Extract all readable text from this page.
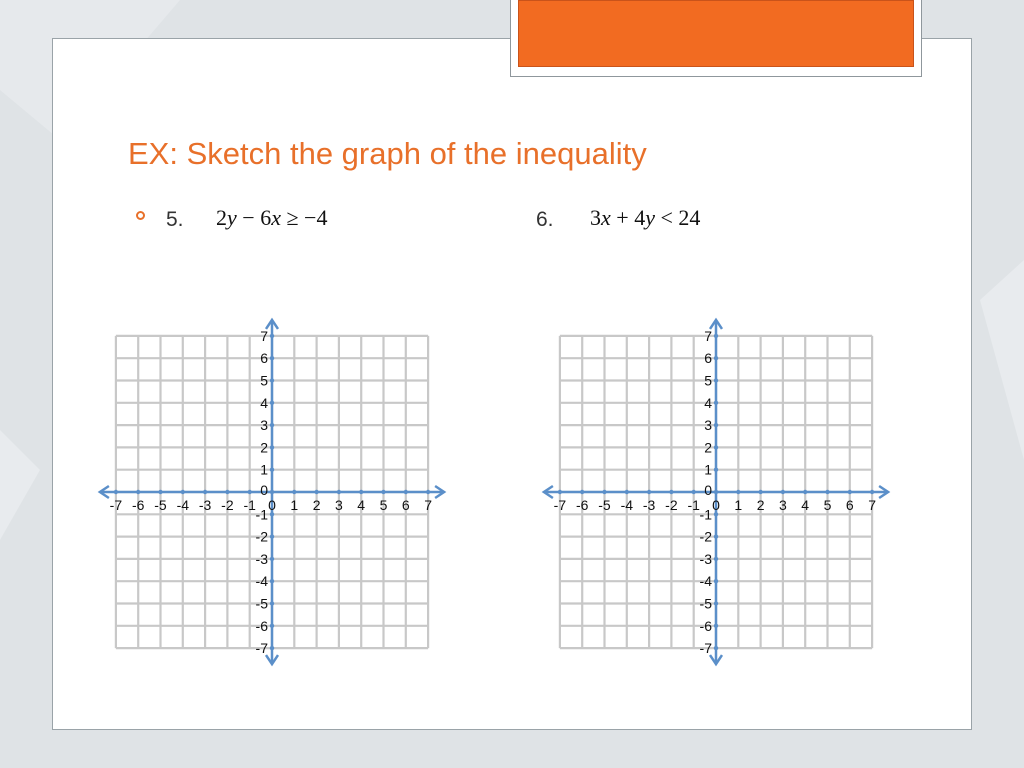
EX: Sketch the graph of the inequality
5. 2y − 6x ≥ −4	6. 3x + 4y < 24
-7 -6 -5 -4 -3 -2 -1 0 1 2 3 4 5 6 7
-7
-6
-5
-4
-3
-2
-1
1
2
3
4
5
6
7
0
-7 -6 -5 -4 -3 -2 -1 0 1 2 3 4 5 6 7
-7
-6
-5
-4
-3
-2
-1
1
2
3
4
5
6
7
0
